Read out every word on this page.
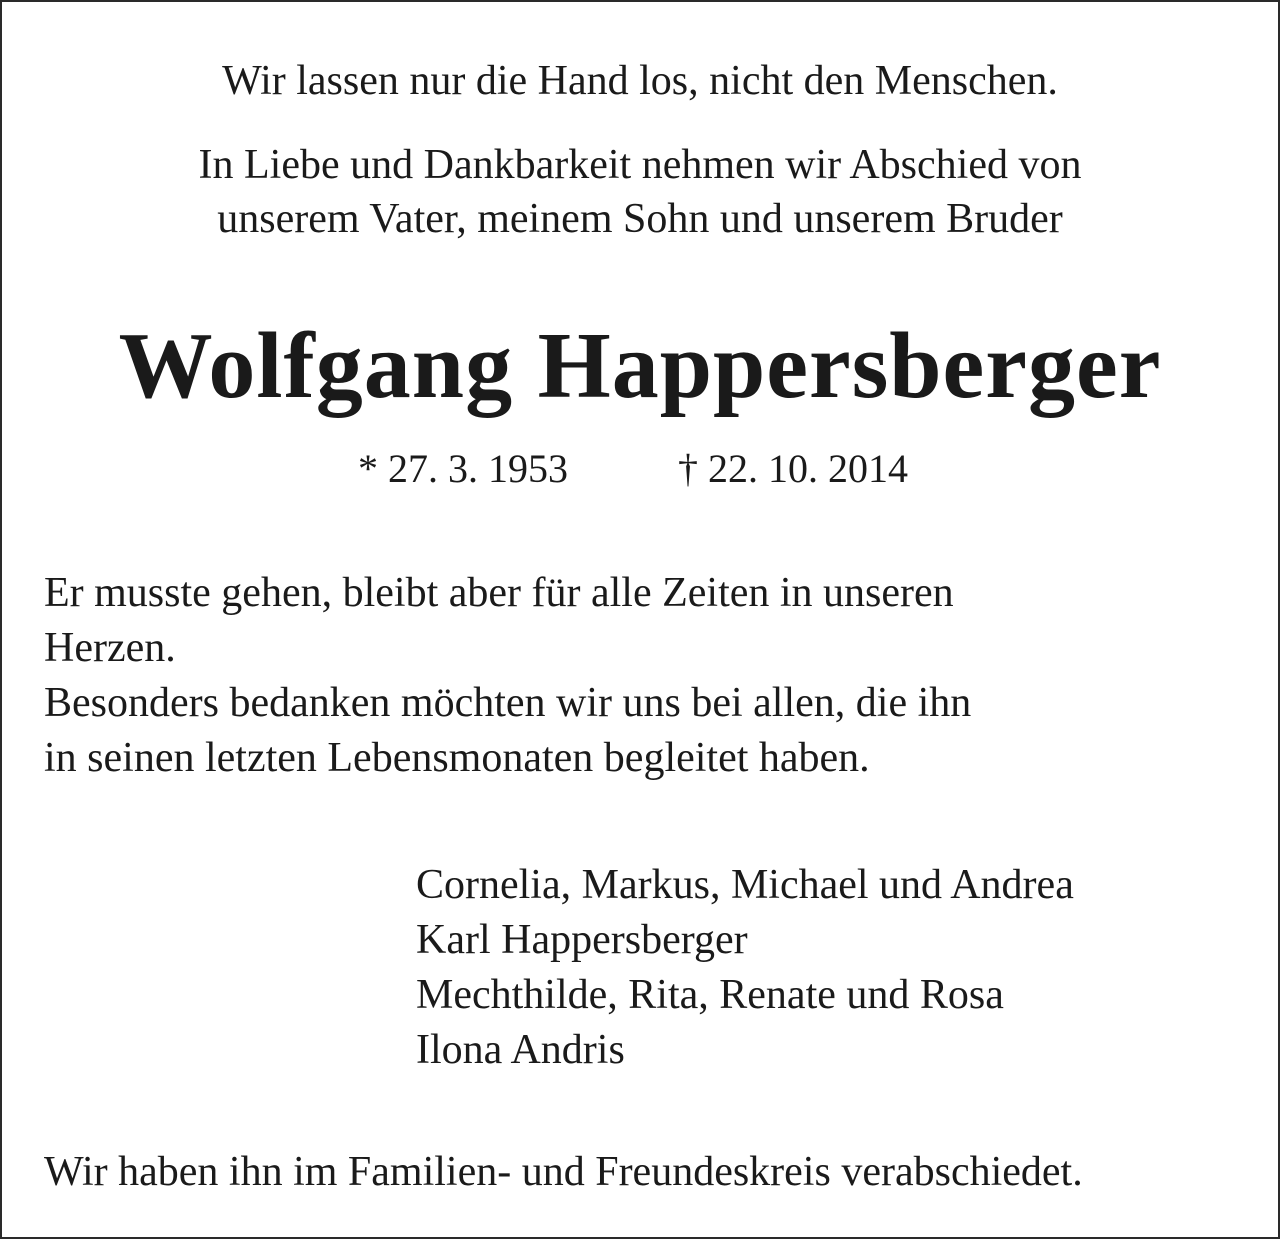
Wir lassen nur die Hand los, nicht den Menschen.

In Liebe und Dankbarkeit nehmen wir Abschied von
unserem Vater, meinem Sohn und unserem Bruder
Wolfgang Happersberger
* 27. 3. 1953	† 22. 10. 2014
Er musste gehen, bleibt aber für alle Zeiten in unseren
Herzen.
Besonders bedanken möchten wir uns bei allen, die ihn
in seinen letzten Lebensmonaten begleitet haben.
Cornelia, Markus, Michael und Andrea
Karl Happersberger
Mechthilde, Rita, Renate und Rosa
Ilona Andris

Wir haben ihn im Familien- und Freundeskreis verabschiedet.
